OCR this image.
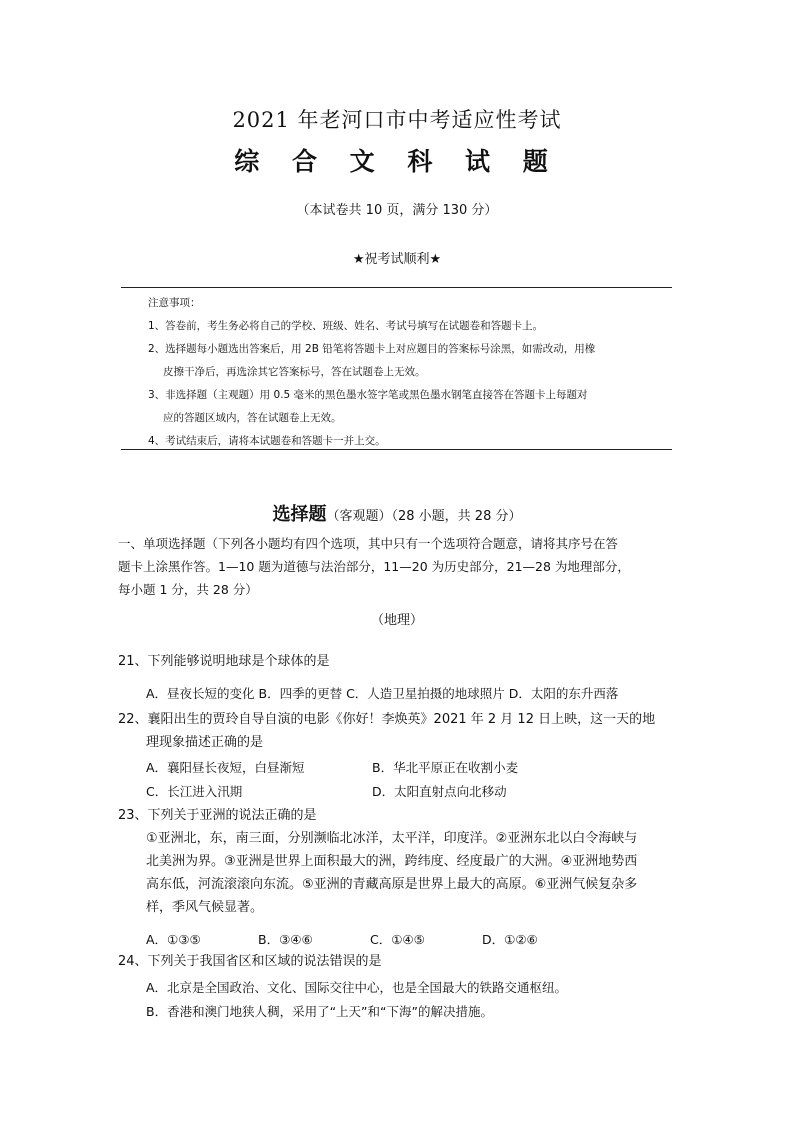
2021 年老河口市中考适应性考试
综 合 文 科 试 题
（本试卷共 10 页，满分 130 分）
★祝考试顺利★
注意事项：
1、答卷前，考生务必将自己的学校、班级、姓名、考试号填写在试题卷和答题卡上。
2、选择题每小题选出答案后，用 2B 铅笔将答题卡上对应题目的答案标号涂黑，如需改动，用橡
皮擦干净后，再选涂其它答案标号，答在试题卷上无效。
3、非选择题（主观题）用 0.5 毫米的黑色墨水签字笔或黑色墨水钢笔直接答在答题卡上每题对
应的答题区域内，答在试题卷上无效。
4、考试结束后，请将本试题卷和答题卡一并上交。
选择题（客观题）（28 小题，共 28 分）
一、单项选择题（下列各小题均有四个选项，其中只有一个选项符合题意，请将其序号在答
题卡上涂黑作答。1—10 题为道德与法治部分，11—20 为历史部分，21—28 为地理部分，
每小题 1 分，共 28 分）
（地理）
21、下列能够说明地球是个球体的是
A．昼夜长短的变化 B．四季的更替 C．人造卫星拍摄的地球照片 D．太阳的东升西落
22、襄阳出生的贾玲自导自演的电影《你好！李焕英》2021 年 2 月 12 日上映，这一天的地
理现象描述正确的是
A．襄阳昼长夜短，白昼渐短	B．华北平原正在收割小麦
C．长江进入汛期	D．太阳直射点向北移动
23、下列关于亚洲的说法正确的是
①亚洲北，东，南三面，分别濒临北冰洋，太平洋，印度洋。②亚洲东北以白令海峡与
北美洲为界。③亚洲是世界上面积最大的洲，跨纬度、经度最广的大洲。④亚洲地势西
高东低，河流滚滚向东流。⑤亚洲的青藏高原是世界上最大的高原。⑥亚洲气候复杂多
样，季风气候显著。
A．①③⑤	B．③④⑥	C．①④⑤	D．①②⑥
24、下列关于我国省区和区域的说法错误的是
A．北京是全国政治、文化、国际交往中心，也是全国最大的铁路交通枢纽。
B．香港和澳门地狭人稠，采用了“上天”和“下海”的解决措施。
